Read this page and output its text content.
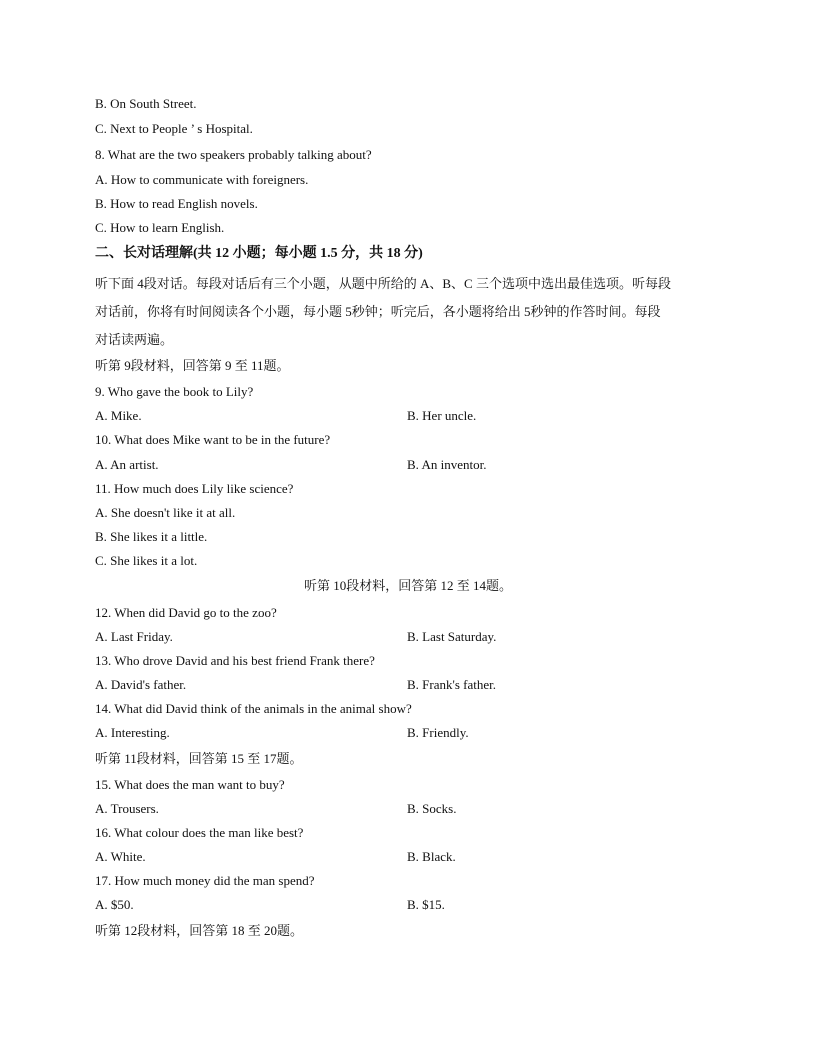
B. On South Street.
C. Next to People ’ s Hospital.
8. What are the two speakers probably talking about?
A. How to communicate with foreigners.
B. How to read English novels.
C. How to learn English.
二、长对话理解(共 12 小题；每小题 1.5 分，共 18 分)
听下面 4段对话。每段对话后有三个小题，从题中所给的 A、B、C 三个选项中选出最佳选项。听每段
对话前，你将有时间阅读各个小题，每小题 5秒钟；听完后，各小题将给出 5秒钟的作答时间。每段
对话读两遍。
听第 9段材料，回答第 9 至 11题。
9. Who gave the book to Lily?
A. Mike.	B. Her uncle.
10. What does Mike want to be in the future?
A. An artist.	B. An inventor.
11. How much does Lily like science?
A. She doesn't like it at all.
B. She likes it a little.
C. She likes it a lot.
听第 10段材料，回答第 12 至 14题。
12. When did David go to the zoo?
A. Last Friday.	B. Last Saturday.
13. Who drove David and his best friend Frank there?
A. David's father.	B. Frank's father.
14. What did David think of the animals in the animal show?
A. Interesting.	B. Friendly.
听第 11段材料，回答第 15 至 17题。
15. What does the man want to buy?
A. Trousers.	B. Socks.
16. What colour does the man like best?
A. White.	B. Black.
17. How much money did the man spend?
A. $50.	B. $15.
听第 12段材料，回答第 18 至 20题。
